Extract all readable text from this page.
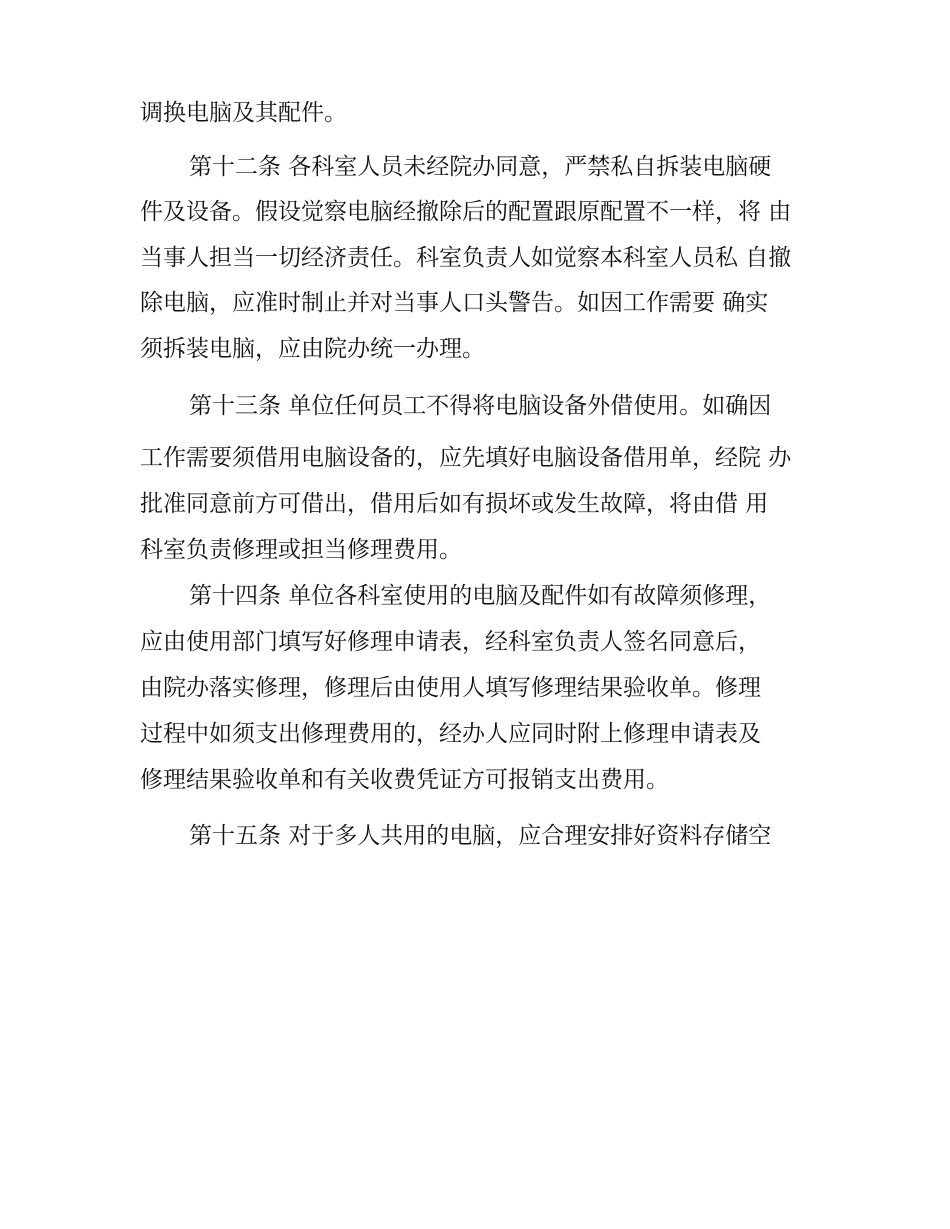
调换电脑及其配件。

第十二条 各科室人员未经院办同意，严禁私自拆装电脑硬

件及设备。假设觉察电脑经撤除后的配置跟原配置不一样，将 由

当事人担当一切经济责任。科室负责人如觉察本科室人员私 自撤

除电脑，应准时制止并对当事人口头警告。如因工作需要 确实

须拆装电脑，应由院办统一办理。

第十三条 单位任何员工不得将电脑设备外借使用。如确因

工作需要须借用电脑设备的，应先填好电脑设备借用单，经院 办

批准同意前方可借出，借用后如有损坏或发生故障，将由借 用

科室负责修理或担当修理费用。

第十四条 单位各科室使用的电脑及配件如有故障须修理，

应由使用部门填写好修理申请表，经科室负责人签名同意后，

由院办落实修理，修理后由使用人填写修理结果验收单。修理

过程中如须支出修理费用的，经办人应同时附上修理申请表及

修理结果验收单和有关收费凭证方可报销支出费用。

第十五条 对于多人共用的电脑，应合理安排好资料存储空
